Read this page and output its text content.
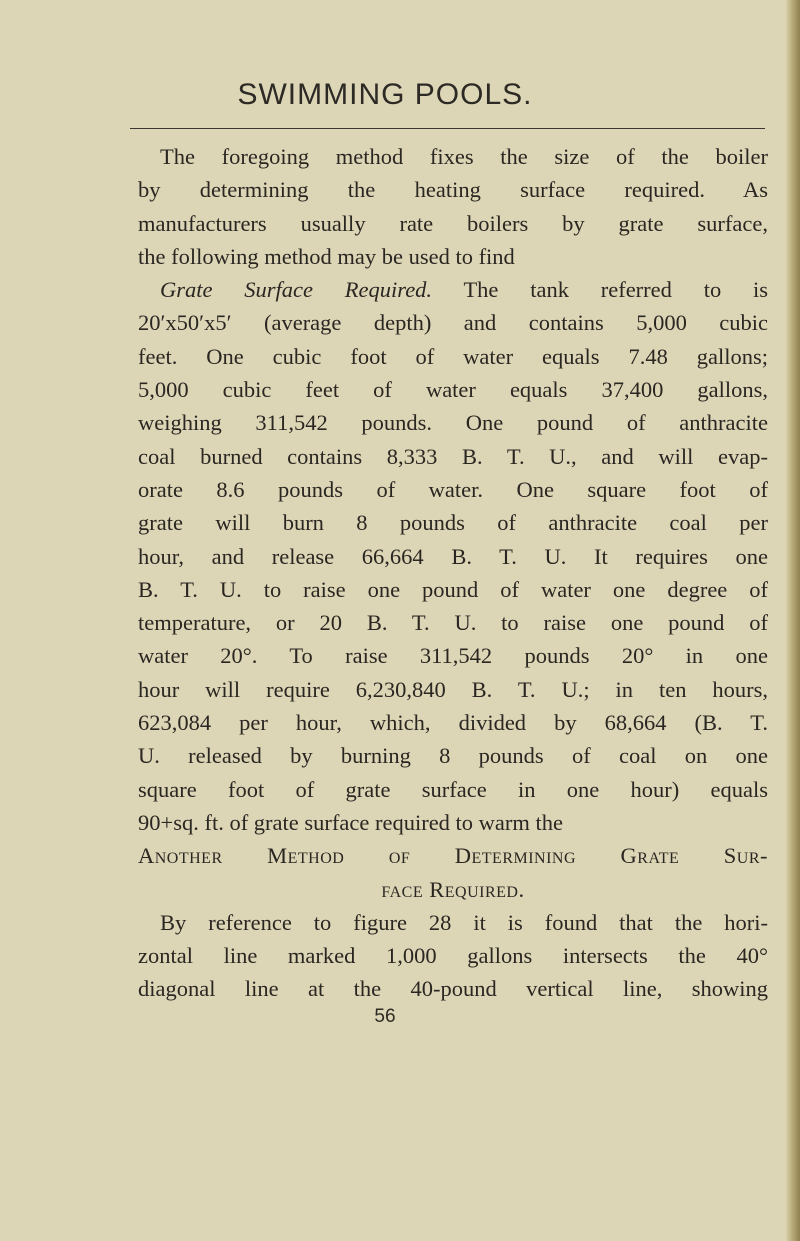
SWIMMING POOLS.
The foregoing method fixes the size of the boiler
by determining the heating surface required. As
manufacturers usually rate boilers by grate surface,
the following method may be used to find
Grate Surface Required. The tank referred to is
20′x50′x5′ (average depth) and contains 5,000 cubic
feet. One cubic foot of water equals 7.48 gallons;
5,000 cubic feet of water equals 37,400 gallons,
weighing 311,542 pounds. One pound of anthracite
coal burned contains 8,333 B. T. U., and will evap-
orate 8.6 pounds of water. One square foot of
grate will burn 8 pounds of anthracite coal per
hour, and release 66,664 B. T. U. It requires one
B. T. U. to raise one pound of water one degree of
temperature, or 20 B. T. U. to raise one pound of
water 20°. To raise 311,542 pounds 20° in one
hour will require 6,230,840 B. T. U.; in ten hours,
623,084 per hour, which, divided by 68,664 (B. T.
U. released by burning 8 pounds of coal on one
square foot of grate surface in one hour) equals
90+sq. ft. of grate surface required to warm the
Another Method of Determining Grate Sur-
face Required.
By reference to figure 28 it is found that the hori-
zontal line marked 1,000 gallons intersects the 40°
diagonal line at the 40-pound vertical line, showing
56
